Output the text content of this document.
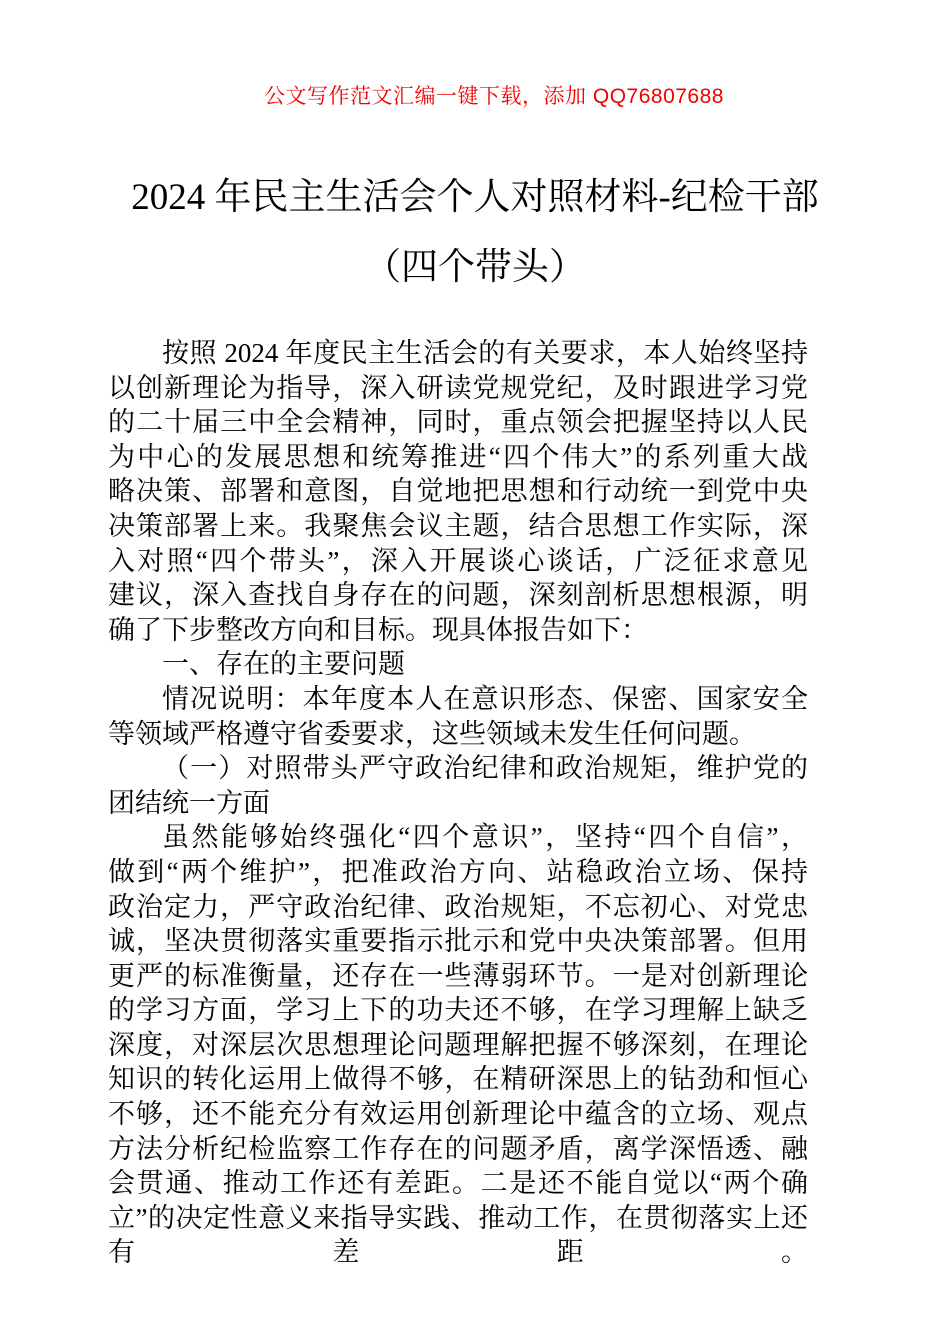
公文写作范文汇编一键下载，添加 QQ76807688
2024 年民主生活会个人对照材料-纪检干部
（四个带头）
按照 2024 年度民主生活会的有关要求，本人始终坚持
以创新理论为指导，深入研读党规党纪，及时跟进学习党
的二十届三中全会精神，同时，重点领会把握坚持以人民
为中心的发展思想和统筹推进“四个伟大”的系列重大战
略决策、部署和意图，自觉地把思想和行动统一到党中央
决策部署上来。我聚焦会议主题，结合思想工作实际，深
入对照“四个带头”，深入开展谈心谈话，广泛征求意见
建议，深入查找自身存在的问题，深刻剖析思想根源，明
确了下步整改方向和目标。现具体报告如下：
一、存在的主要问题
情况说明：本年度本人在意识形态、保密、国家安全
等领域严格遵守省委要求，这些领域未发生任何问题。
（一）对照带头严守政治纪律和政治规矩，维护党的
团结统一方面
虽然能够始终强化“四个意识”，坚持“四个自信”，
做到“两个维护”，把准政治方向、站稳政治立场、保持
政治定力，严守政治纪律、政治规矩，不忘初心、对党忠
诚，坚决贯彻落实重要指示批示和党中央决策部署。但用
更严的标准衡量，还存在一些薄弱环节。一是对创新理论
的学习方面，学习上下的功夫还不够，在学习理解上缺乏
深度，对深层次思想理论问题理解把握不够深刻，在理论
知识的转化运用上做得不够，在精研深思上的钻劲和恒心
不够，还不能充分有效运用创新理论中蕴含的立场、观点
方法分析纪检监察工作存在的问题矛盾，离学深悟透、融
会贯通、推动工作还有差距。二是还不能自觉以“两个确
立”的决定性意义来指导实践、推动工作，在贯彻落实上还有差距。
